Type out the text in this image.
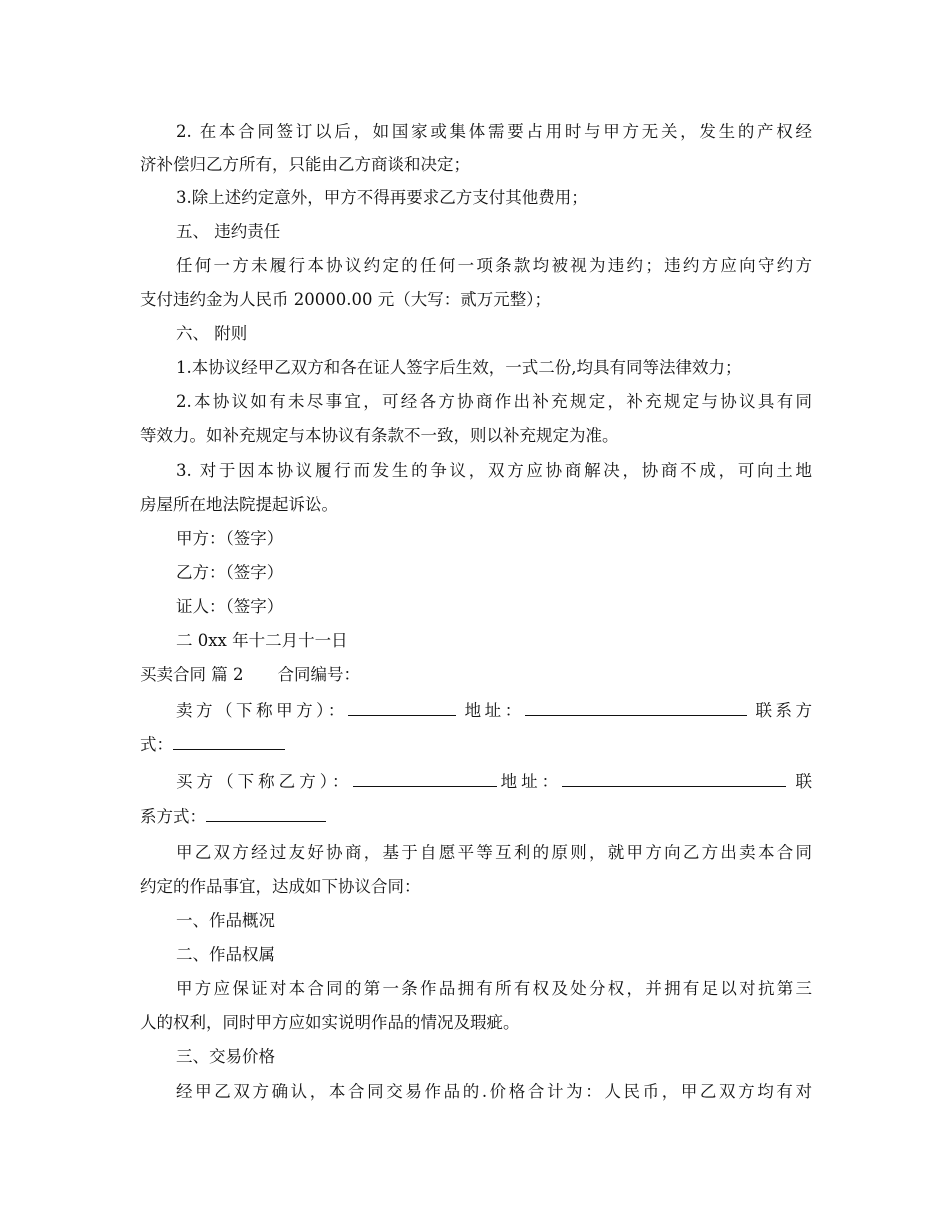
2. 在本合同签订以后，如国家或集体需要占用时与甲方无关，发生的产权经
济补偿归乙方所有，只能由乙方商谈和决定；
3.除上述约定意外，甲方不得再要求乙方支付其他费用；
五、 违约责任
任何一方未履行本协议约定的任何一项条款均被视为违约；违约方应向守约方
支付违约金为人民币 20000.00 元（大写：贰万元整）；
六、 附则
1.本协议经甲乙双方和各在证人签字后生效，一式二份,均具有同等法律效力；
2.本协议如有未尽事宜，可经各方协商作出补充规定，补充规定与协议具有同
等效力。如补充规定与本协议有条款不一致，则以补充规定为准。
3. 对于因本协议履行而发生的争议，双方应协商解决，协商不成，可向土地
房屋所在地法院提起诉讼。
甲方：（签字）
乙方：（签字）
证人：（签字）
二 0xx 年十二月十一日
买卖合同 篇 2 合同编号：
卖方（下称甲方）：	地址：	联系方
式：
买方（下称乙方）：	地址：	联
系方式：
甲乙双方经过友好协商，基于自愿平等互利的原则，就甲方向乙方出卖本合同
约定的作品事宜，达成如下协议合同：
一、作品概况
二、作品权属
甲方应保证对本合同的第一条作品拥有所有权及处分权，并拥有足以对抗第三
人的权利，同时甲方应如实说明作品的情况及瑕疵。
三、交易价格
经甲乙双方确认，本合同交易作品的.价格合计为：人民币，甲乙双方均有对
